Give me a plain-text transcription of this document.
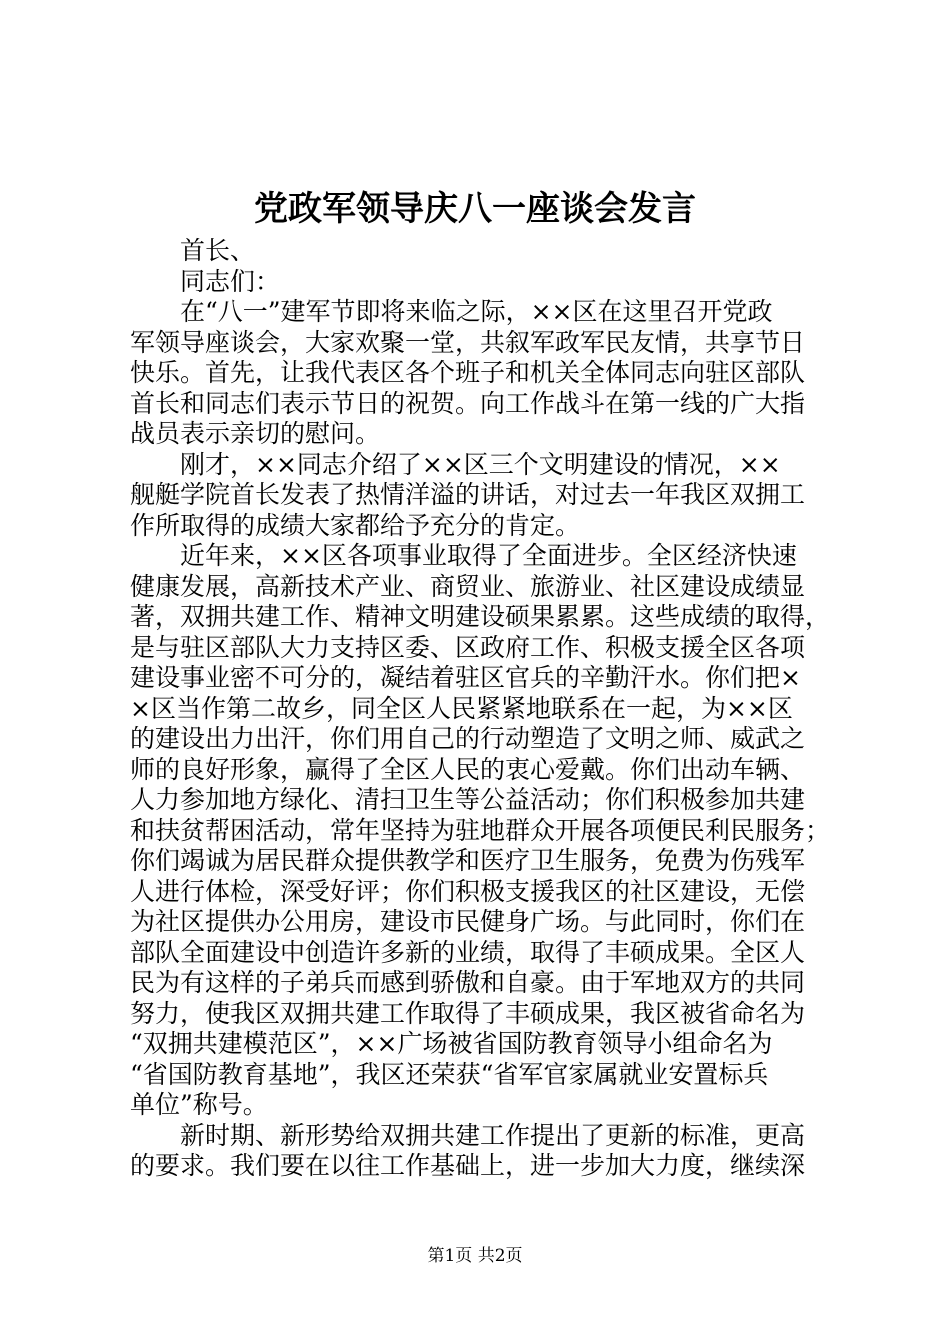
党政军领导庆八一座谈会发言
首长、
同志们：
　　在“八一”建军节即将来临之际，××区在这里召开党政
军领导座谈会，大家欢聚一堂，共叙军政军民友情，共享节日
快乐。首先，让我代表区各个班子和机关全体同志向驻区部队
首长和同志们表示节日的祝贺。向工作战斗在第一线的广大指
战员表示亲切的慰问。
　　刚才，××同志介绍了××区三个文明建设的情况，××
舰艇学院首长发表了热情洋溢的讲话，对过去一年我区双拥工
作所取得的成绩大家都给予充分的肯定。
　　近年来，××区各项事业取得了全面进步。全区经济快速
健康发展，高新技术产业、商贸业、旅游业、社区建设成绩显
著，双拥共建工作、精神文明建设硕果累累。这些成绩的取得，
是与驻区部队大力支持区委、区政府工作、积极支援全区各项
建设事业密不可分的，凝结着驻区官兵的辛勤汗水。你们把×
×区当作第二故乡，同全区人民紧紧地联系在一起，为××区
的建设出力出汗，你们用自己的行动塑造了文明之师、威武之
师的良好形象，赢得了全区人民的衷心爱戴。你们出动车辆、
人力参加地方绿化、清扫卫生等公益活动；你们积极参加共建
和扶贫帮困活动，常年坚持为驻地群众开展各项便民利民服务；
你们竭诚为居民群众提供教学和医疗卫生服务，免费为伤残军
人进行体检，深受好评；你们积极支援我区的社区建设，无偿
为社区提供办公用房，建设市民健身广场。与此同时，你们在
部队全面建设中创造许多新的业绩，取得了丰硕成果。全区人
民为有这样的子弟兵而感到骄傲和自豪。由于军地双方的共同
努力，使我区双拥共建工作取得了丰硕成果，我区被省命名为
“双拥共建模范区”，××广场被省国防教育领导小组命名为
“省国防教育基地”，我区还荣获“省军官家属就业安置标兵
单位”称号。
　　新时期、新形势给双拥共建工作提出了更新的标准，更高
的要求。我们要在以往工作基础上，进一步加大力度，继续深
第1页 共2页
